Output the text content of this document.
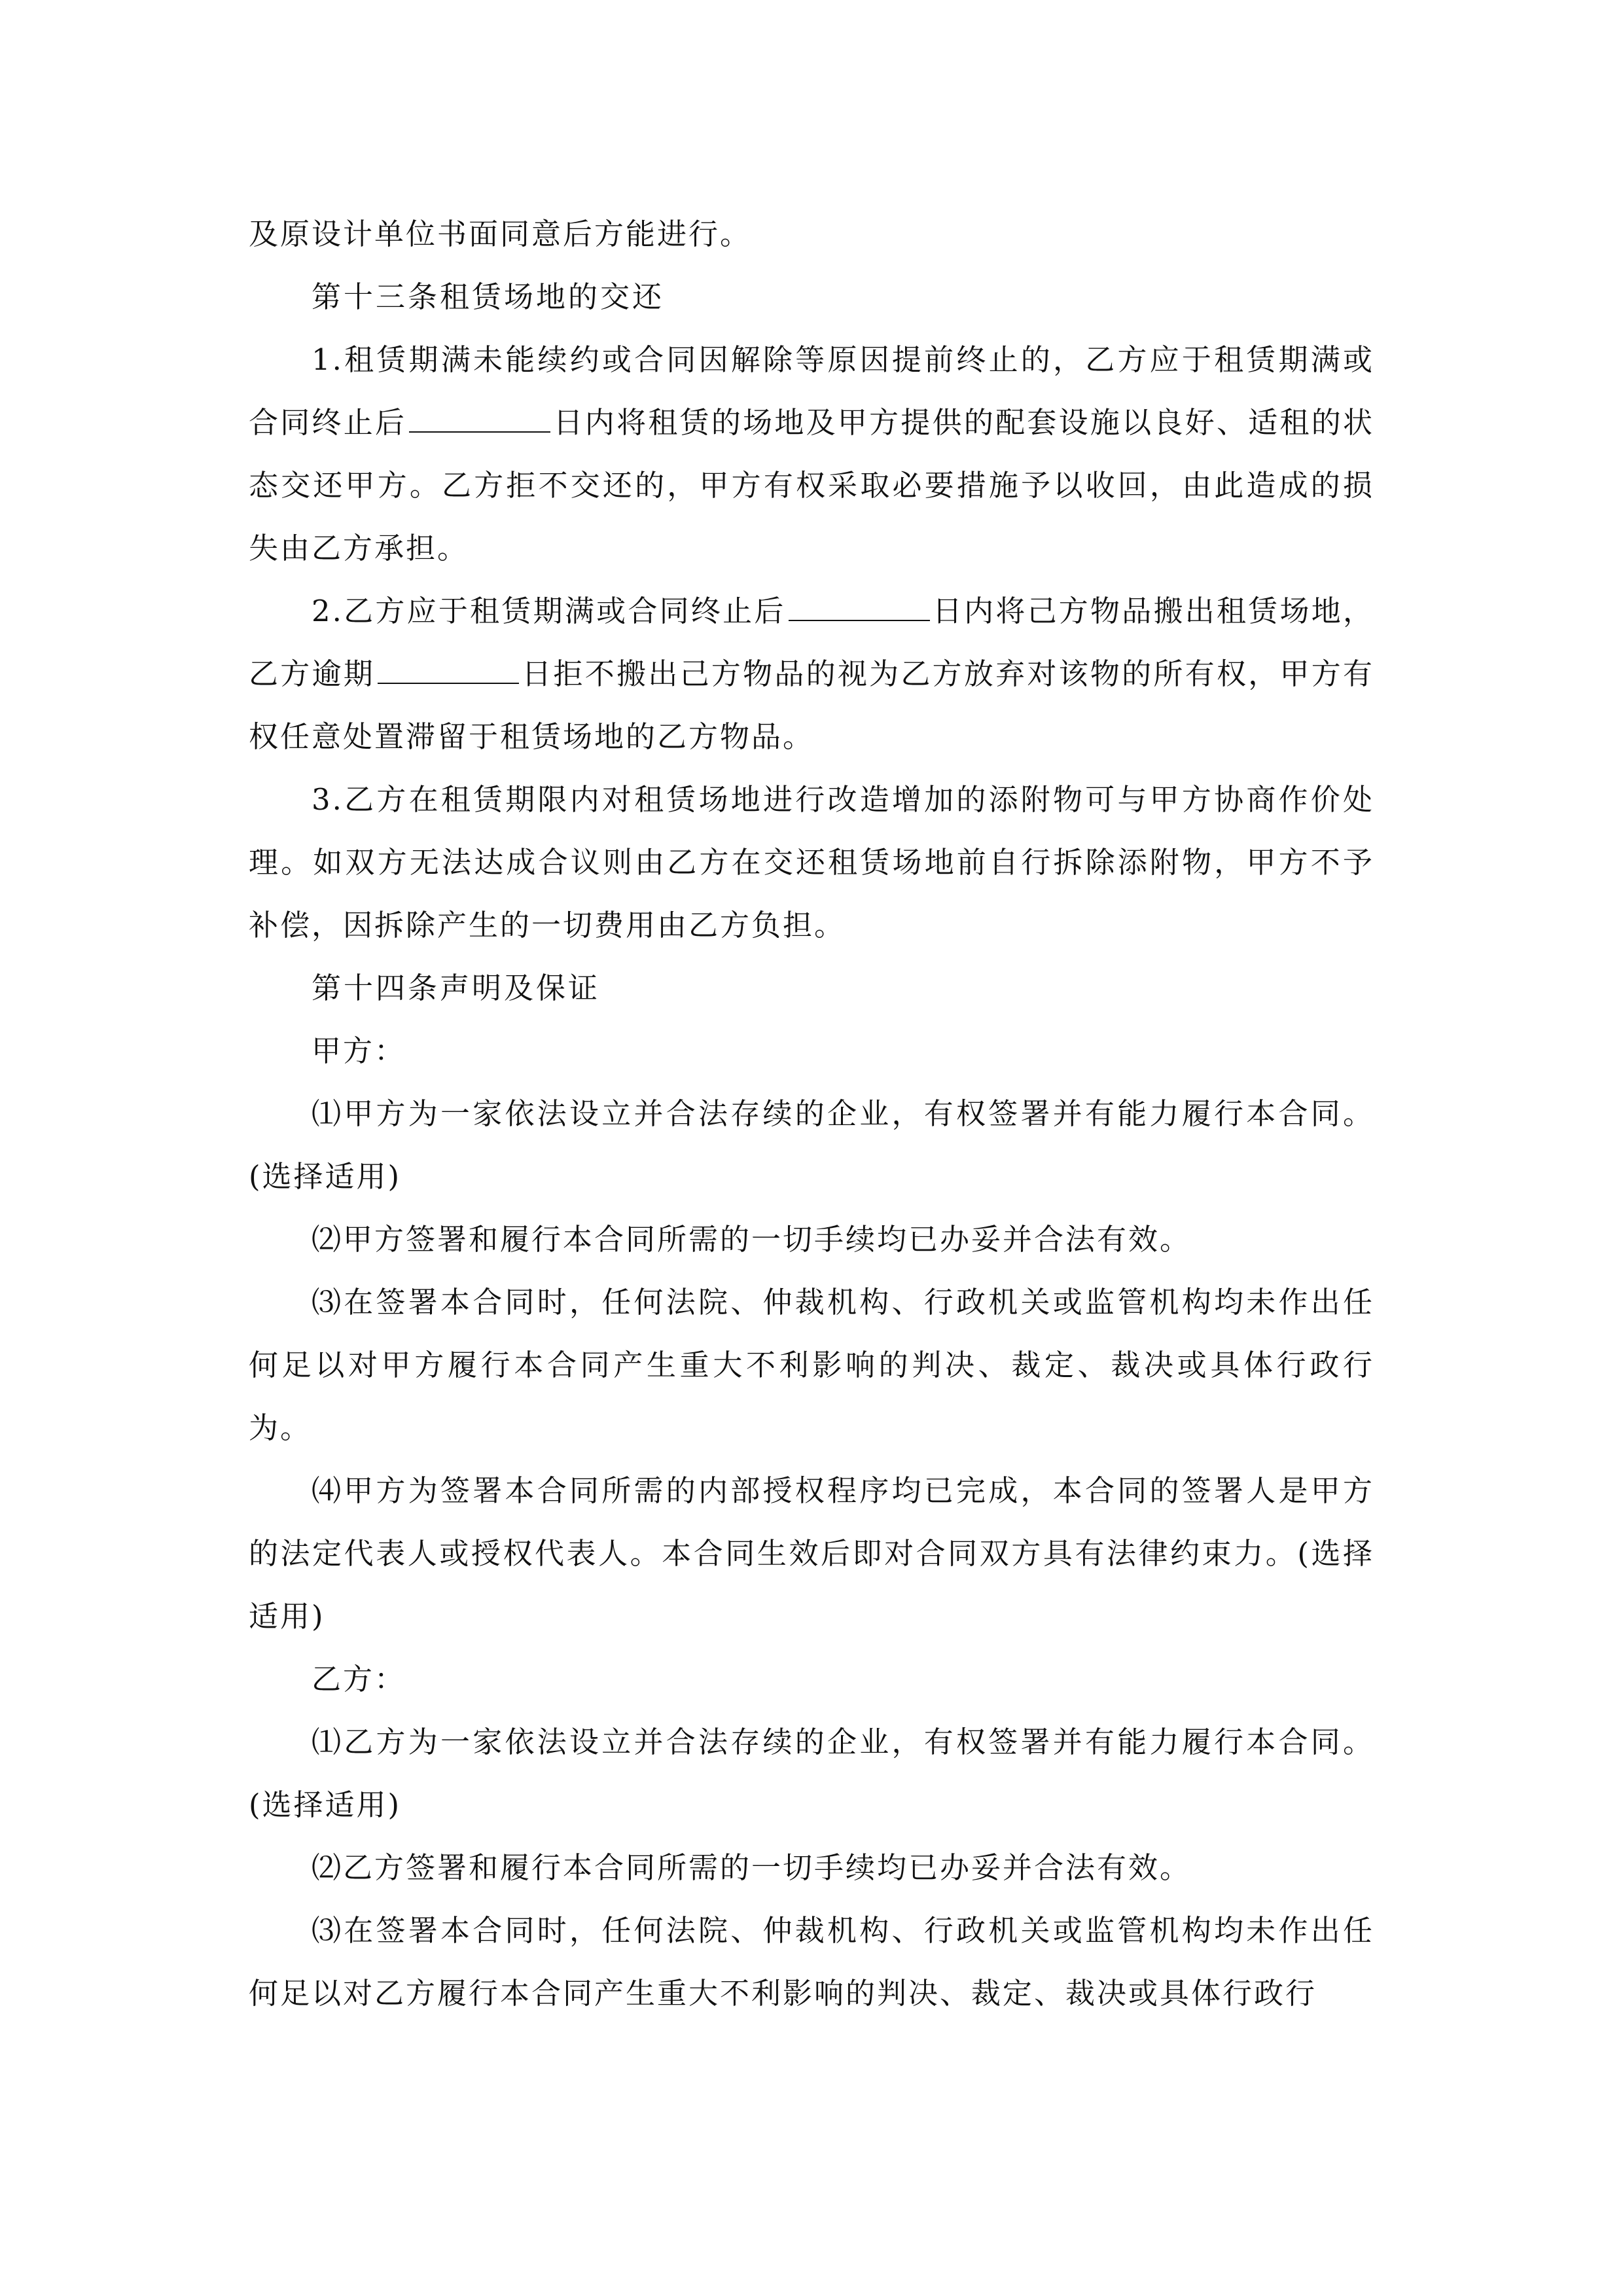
及原设计单位书面同意后方能进行。

第十三条租赁场地的交还

1.租赁期满未能续约或合同因解除等原因提前终止的，乙方应于租赁期满或合同终止后	日内将租赁的场地及甲方提供的配套设施以良好、适租的状态交还甲方。乙方拒不交还的，甲方有权采取必要措施予以收回，由此造成的损失由乙方承担。

2.乙方应于租赁期满或合同终止后	日内将己方物品搬出租赁场地，乙方逾期	日拒不搬出己方物品的视为乙方放弃对该物的所有权，甲方有权任意处置滞留于租赁场地的乙方物品。

3.乙方在租赁期限内对租赁场地进行改造增加的添附物可与甲方协商作价处理。如双方无法达成合议则由乙方在交还租赁场地前自行拆除添附物，甲方不予补偿，因拆除产生的一切费用由乙方负担。

第十四条声明及保证

甲方：

⑴甲方为一家依法设立并合法存续的企业，有权签署并有能力履行本合同。(选择适用)

⑵甲方签署和履行本合同所需的一切手续均已办妥并合法有效。

⑶在签署本合同时，任何法院、仲裁机构、行政机关或监管机构均未作出任何足以对甲方履行本合同产生重大不利影响的判决、裁定、裁决或具体行政行为。

⑷甲方为签署本合同所需的内部授权程序均已完成，本合同的签署人是甲方的法定代表人或授权代表人。本合同生效后即对合同双方具有法律约束力。(选择适用)

乙方：

⑴乙方为一家依法设立并合法存续的企业，有权签署并有能力履行本合同。(选择适用)

⑵乙方签署和履行本合同所需的一切手续均已办妥并合法有效。

⑶在签署本合同时，任何法院、仲裁机构、行政机关或监管机构均未作出任何足以对乙方履行本合同产生重大不利影响的判决、裁定、裁决或具体行政行
